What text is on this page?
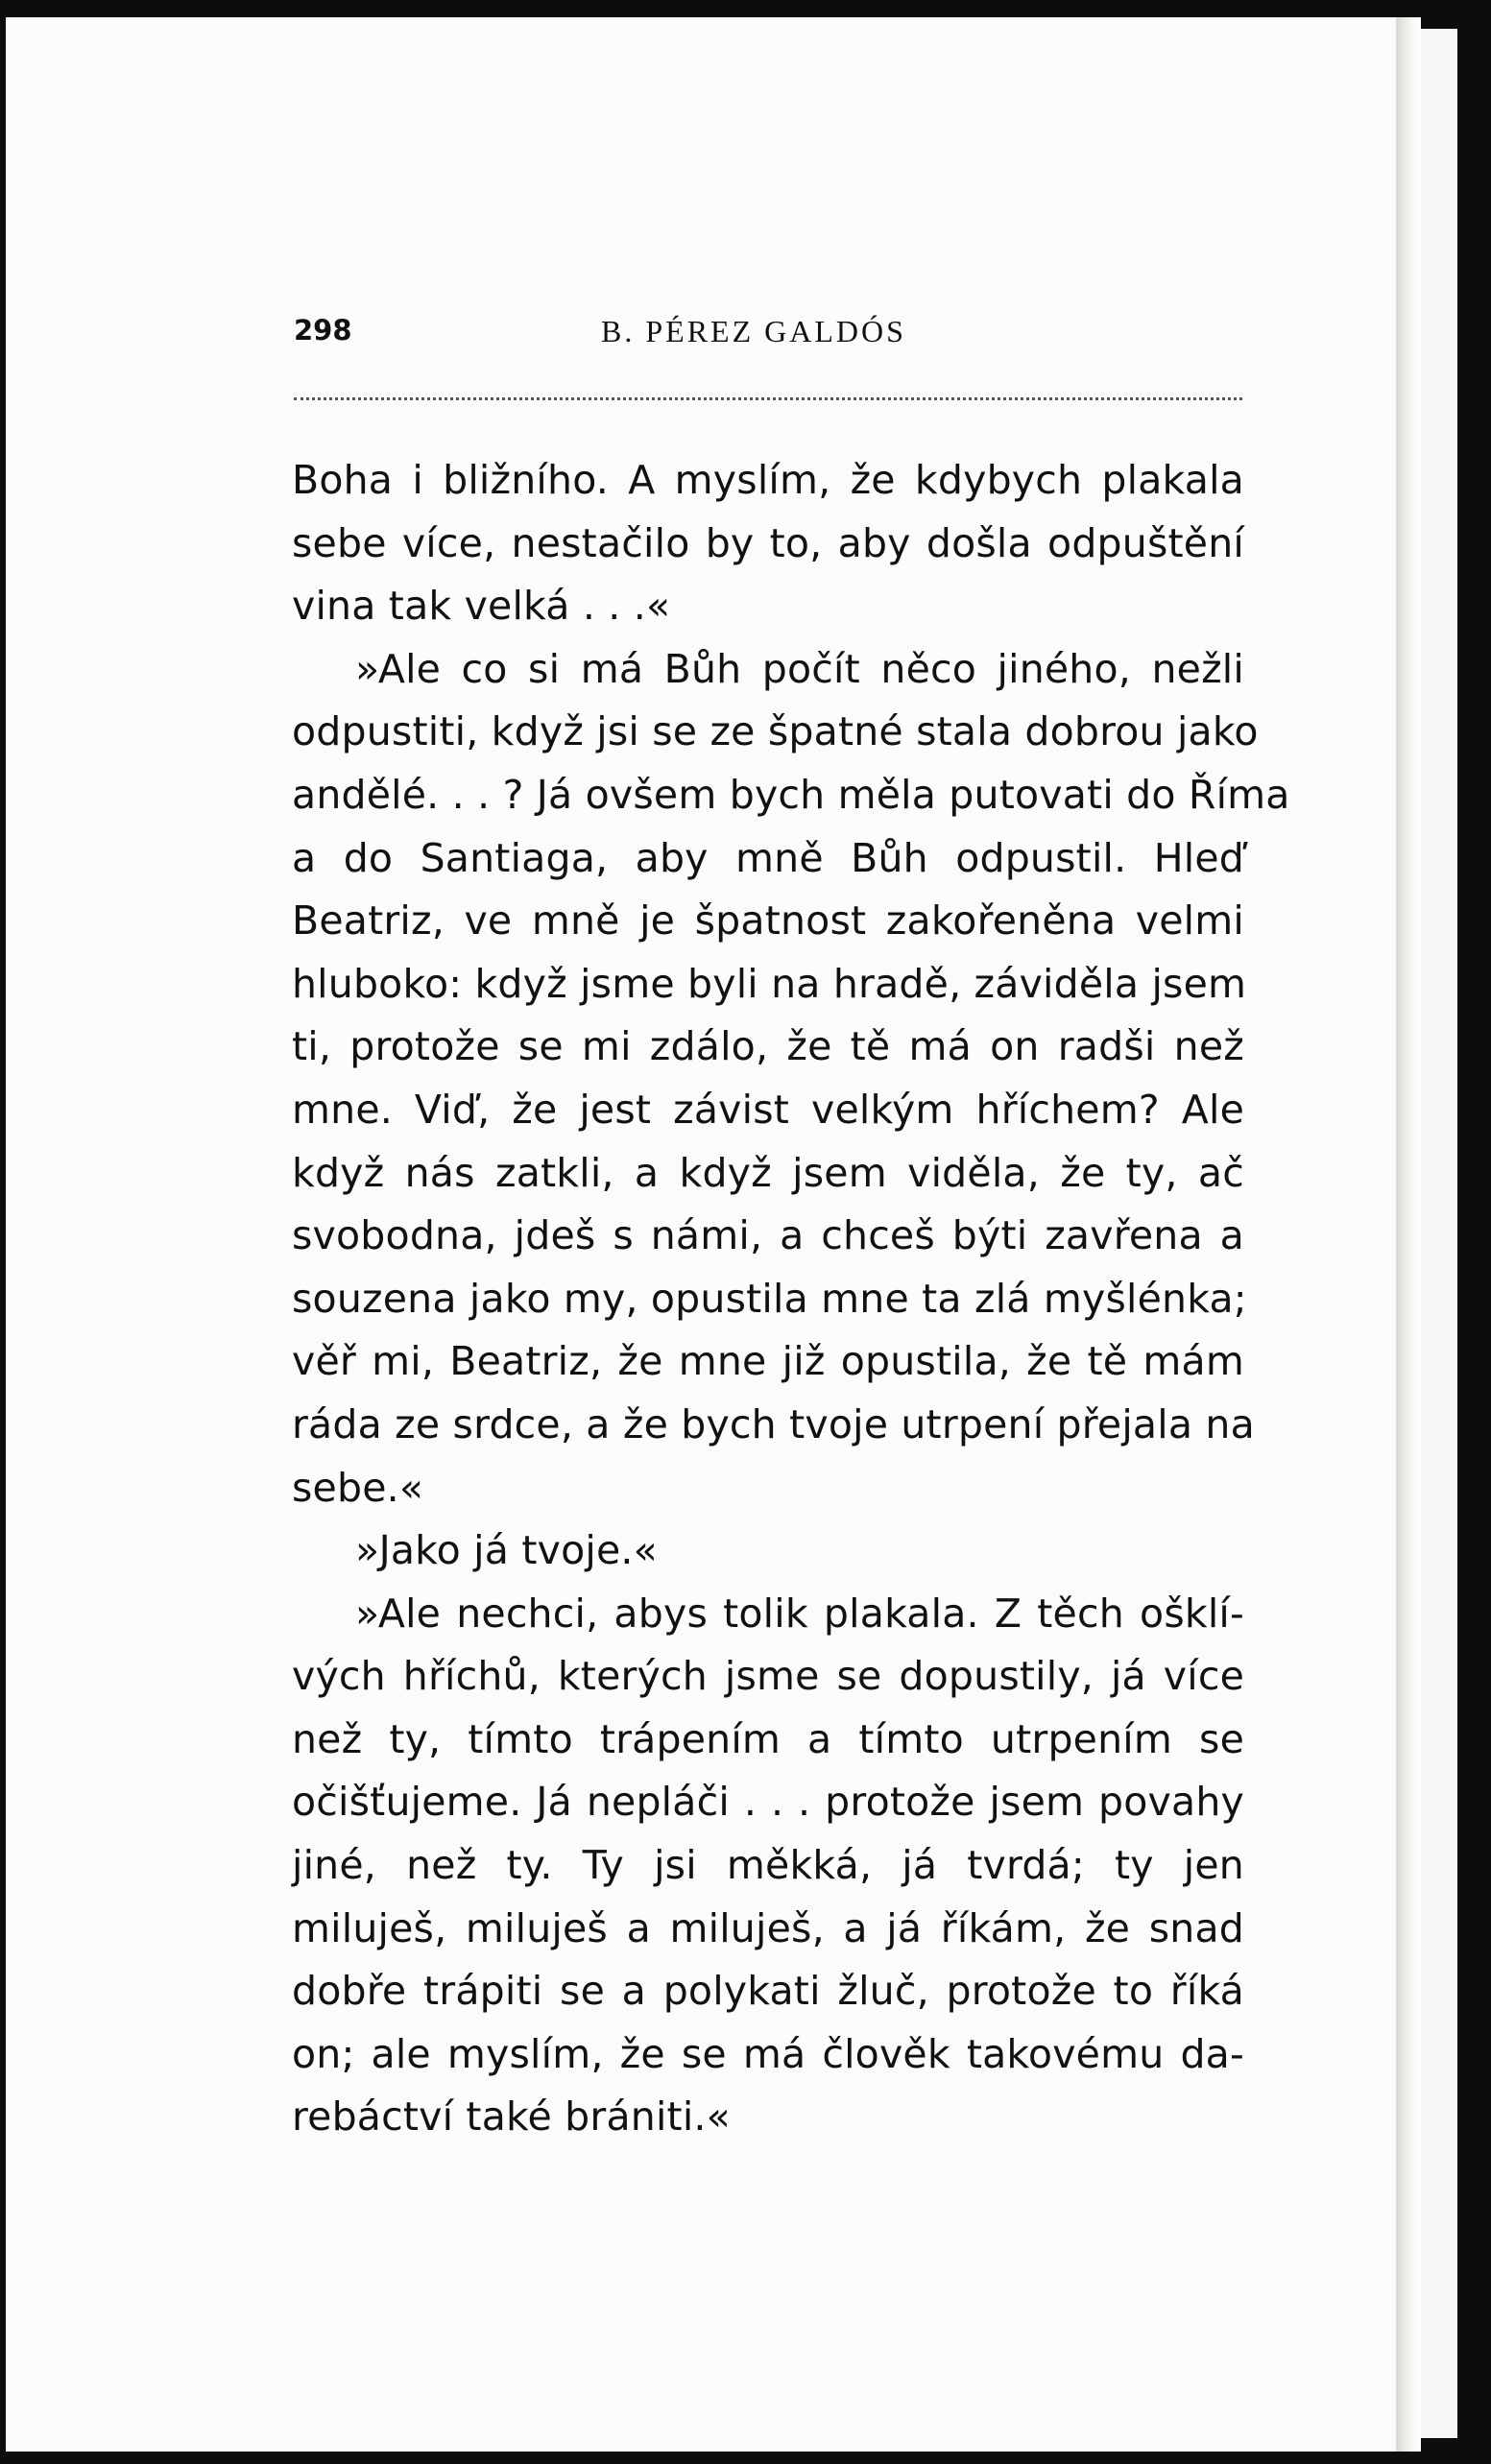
298	B. PÉREZ GALDÓS
Boha i bližního. A myslím, že kdybych plakala
sebe více, nestačilo by to, aby došla odpuštění
vina tak velká . . .«
»Ale co si má Bůh počít něco jiného, nežli
odpustiti, když jsi se ze špatné stala dobrou jako
andělé. . . ? Já ovšem bych měla putovati do Říma
a do Santiaga, aby mně Bůh odpustil. Hleď
Beatriz, ve mně je špatnost zakořeněna velmi
hluboko: když jsme byli na hradě, záviděla jsem
ti, protože se mi zdálo, že tě má on radši než
mne. Viď, že jest závist velkým hříchem? Ale
když nás zatkli, a když jsem viděla, že ty, ač
svobodna, jdeš s námi, a chceš býti zavřena a
souzena jako my, opustila mne ta zlá myšlénka;
věř mi, Beatriz, že mne již opustila, že tě mám
ráda ze srdce, a že bych tvoje utrpení přejala na
sebe.«
»Jako já tvoje.«
»Ale nechci, abys tolik plakala. Z těch ošklí-
vých hříchů, kterých jsme se dopustily, já více
než ty, tímto trápením a tímto utrpením se
očišťujeme. Já nepláči . . . protože jsem povahy
jiné, než ty. Ty jsi měkká, já tvrdá; ty jen
miluješ, miluješ a miluješ, a já říkám, že snad
dobře trápiti se a polykati žluč, protože to říká
on; ale myslím, že se má člověk takovému da-
rebáctví také brániti.«
